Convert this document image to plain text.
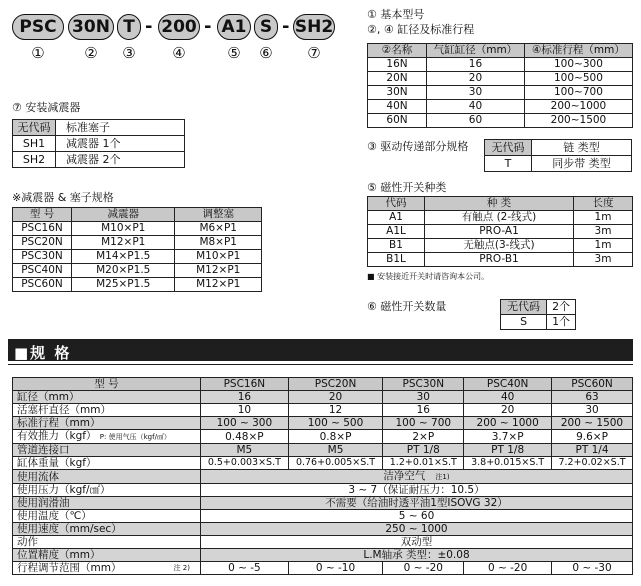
PSC 30N T - 200 - A1 S - SH2
①	② ③ ④	⑤ ⑥ ⑦
① 基本型号
②, ④ 缸径及标准行程
②名称	气缸缸径（mm）	④标准行程（mm）
16N	16	100~300
20N	20	100~500
30N	30	100~700
40N	40	200~1000
60N	60	200~1500
③ 驱动传递部分规格 无代码	链 类型
T	同步带 类型
⑤ 磁性开关种类
代码	种 类	长度
A1	有触点 (2-线式)	1m
A1L	PRO-A1	3m
B1	无触点(3-线式)	1m
B1L	PRO-B1	3m
■ 安装接近开关时请咨询本公司。
⑥ 磁性开关数量	无代码	2个
S	1个
⑦ 安装减震器
无代码	标准塞子
SH1	减震器 1个
SH2	减震器 2个
※减震器 & 塞子规格
型 号	减震器	调整塞
PSC16N	M10×P1	M6×P1
PSC20N	M12×P1	M8×P1
PSC30N	M14×P1.5	M10×P1
PSC40N	M20×P1.5	M12×P1
PSC60N	M25×P1.5	M12×P1
■规 格
型 号	PSC16N	PSC20N	PSC30N	PSC40N	PSC60N
缸径（mm）	16	20	30	40	63
活塞杆直径（mm）	10	12	16	20	30
标准行程（mm）	100 ~ 300	100 ~ 500	100 ~ 700	200 ~ 1000	200 ~ 1500
有效推力（kgf） P: 使用气压（kgf/㎠）	0.48×P	0.8×P	2×P	3.7×P	9.6×P
管道连接口	M5	M5	PT 1/8	PT 1/8	PT 1/4
缸体重量（kgf）	0.5+0.003×S.T	0.76+0.005×S.T	1.2+0.01×S.T	3.8+0.015×S.T	7.2+0.02×S.T
使用流体	洁净空气 注1)				
使用压力（kgf/㎠）	3 ~ 7（保证耐压力：10.5）				
使用润滑油	不需要（给油时透平油1型ISOVG 32）				
使用温度（℃）	5 ~ 60				
使用速度（mm/sec）	250 ~ 1000				
动作	双动型				
位置精度（mm）	L.M轴承 类型：±0.08				
行程调节范围（mm） 注 2)	0 ~ -5	0 ~ -10	0 ~ -20	0 ~ -20	0 ~ -30
